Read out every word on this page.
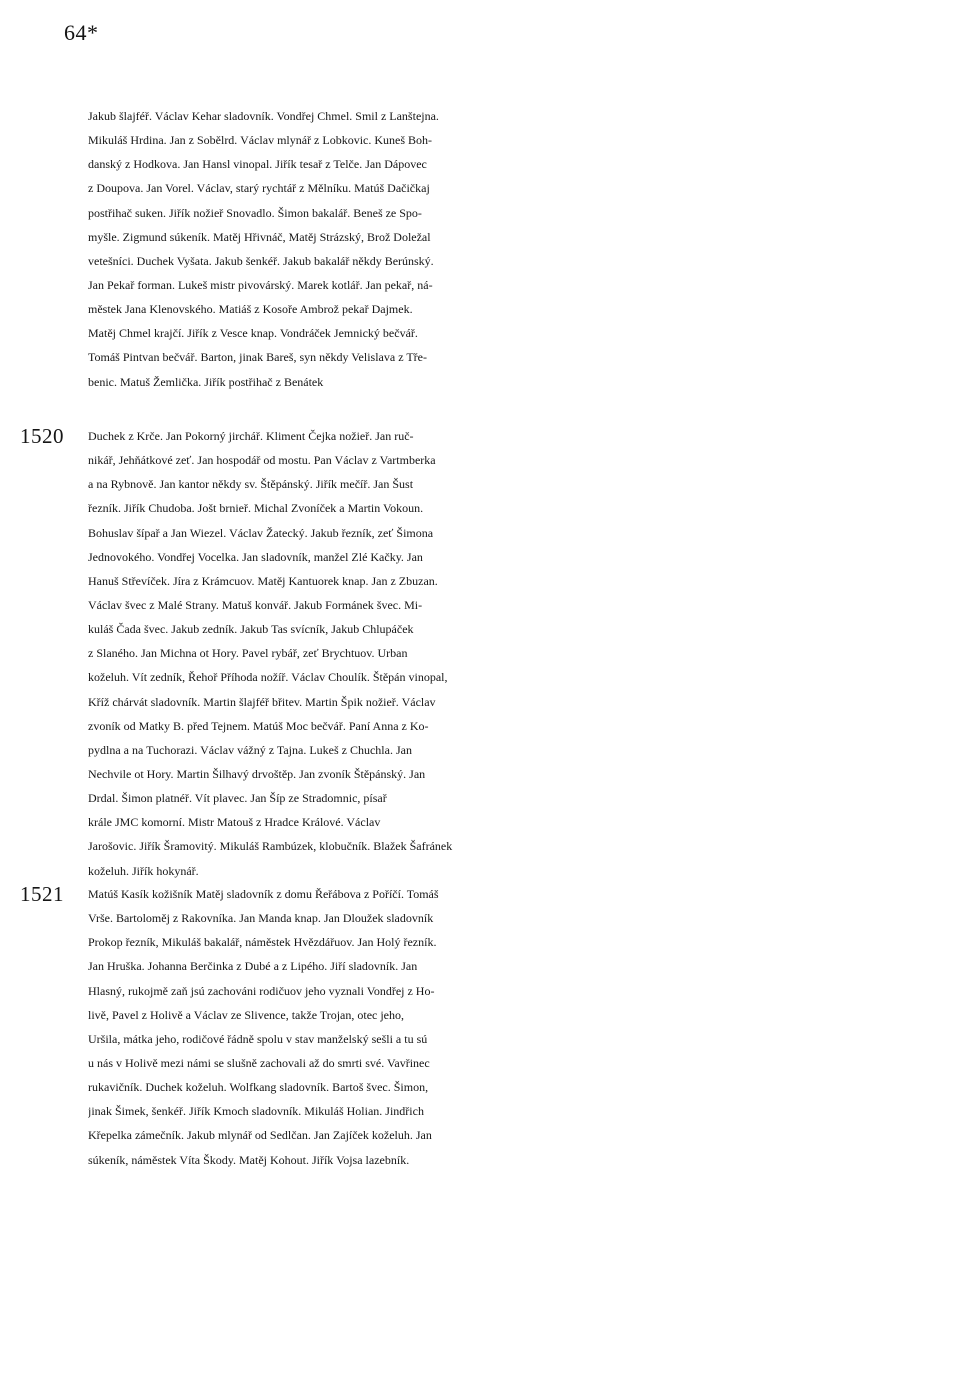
64*
Jakub šlajféř. Václav Kehar sladovník. Vondřej Chmel. Smil z Lanštejna.
Mikuláš Hrdina. Jan z Sobělrd. Václav mlynář z Lobkovic. Kuneš Boh-
danský z Hodkova. Jan Hansl vinopal. Jiřík tesař z Telče. Jan Dápovec
z Doupova. Jan Vorel. Václav, starý rychtář z Mělníku. Matúš Dačičkaj
postřihač suken. Jiřík nožieř Snovadlo. Šimon bakalář. Beneš ze Spo-
myšle. Zigmund súkeník. Matěj Hřivnáč, Matěj Strázský, Brož Doležal
vetešníci. Duchek Vyšata. Jakub šenkéř. Jakub bakalář někdy Berúnský.
Jan Pekař forman. Lukeš mistr pivovárský. Marek kotlář. Jan pekař, ná-
městek Jana Klenovského. Matiáš z Kosoře Ambrož pekař Dajmek.
Matěj Chmel krajčí. Jiřík z Vesce knap. Vondráček Jemnický bečvář.
Tomáš Pintvan bečvář. Barton, jinak Bareš, syn někdy Velislava z Tře-
benic. Matuš Žemlička. Jiřík postřihač z Benátek
1520 Duchek z Krče. Jan Pokorný jirchář. Kliment Čejka nožieř. Jan ruč-
nikář, Jehňátkové zeť. Jan hospodář od mostu. Pan Václav z Vartmberka
a na Rybnově. Jan kantor někdy sv. Štěpánský. Jiřík mečíř. Jan Šust
řezník. Jiřík Chudoba. Jošt brnieř. Michal Zvoníček a Martin Vokoun.
Bohuslav šípař a Jan Wiezel. Václav Žatecký. Jakub řezník, zeť Šimona
Jednovokého. Vondřej Vocelka. Jan sladovník, manžel Zlé Kačky. Jan
Hanuš Střevíček. Jíra z Krámcuov. Matěj Kantuorek knap. Jan z Zbuzan.
Václav švec z Malé Strany. Matuš konvář. Jakub Formánek švec. Mi-
kuláš Čada švec. Jakub zedník. Jakub Tas svícník, Jakub Chlupáček
z Slaného. Jan Michna ot Hory. Pavel rybář, zeť Brychtuov. Urban
koželuh. Vít zedník, Řehoř Příhoda nožíř. Václav Choulík. Štěpán vinopal,
Kříž chárvát sladovník. Martin šlajféř břitev. Martin Špik nožieř. Václav
zvoník od Matky B. před Tejnem. Matúš Moc bečvář. Paní Anna z Ko-
pydlna a na Tuchorazi. Václav vážný z Tajna. Lukeš z Chuchla. Jan
Nechvile ot Hory. Martin Šilhavý drvoštěp. Jan zvoník Štěpánský. Jan
Drdal. Šimon platnéř. Vít plavec. Jan Šíp ze Stradomnic, písař
krále JMC komorní. Mistr Matouš z Hradce Králové. Václav
Jarošovic. Jiřík Šramovitý. Mikuláš Rambúzek, klobučník. Blažek Šafránek
koželuh. Jiřík hokynář.
1521 Matúš Kasík kožišník Matěj sladovník z domu Řeřábova z Poříčí. Tomáš
Vrše. Bartoloměj z Rakovníka. Jan Manda knap. Jan Dloužek sladovník
Prokop řezník, Mikuláš bakalář, náměstek Hvězdářuov. Jan Holý řezník.
Jan Hruška. Johanna Berčinka z Dubé a z Lipého. Jiří sladovník. Jan
Hlasný, rukojmě zaň jsú zachováni rodičuov jeho vyznali Vondřej z Ho-
livě, Pavel z Holivě a Václav ze Slivence, takže Trojan, otec jeho,
Uršila, mátka jeho, rodičové řádně spolu v stav manželský sešli a tu sú
u nás v Holivě mezi námi se slušně zachovali až do smrti své. Vavřinec
rukavičník. Duchek koželuh. Wolfkang sladovník. Bartoš švec. Šimon,
jinak Šimek, šenkéř. Jiřík Kmoch sladovník. Mikuláš Holian. Jindřich
Křepelka zámečník. Jakub mlynář od Sedlčan. Jan Zajíček koželuh. Jan
súkeník, náměstek Víta Škody. Matěj Kohout. Jiřík Vojsa lazebník.
